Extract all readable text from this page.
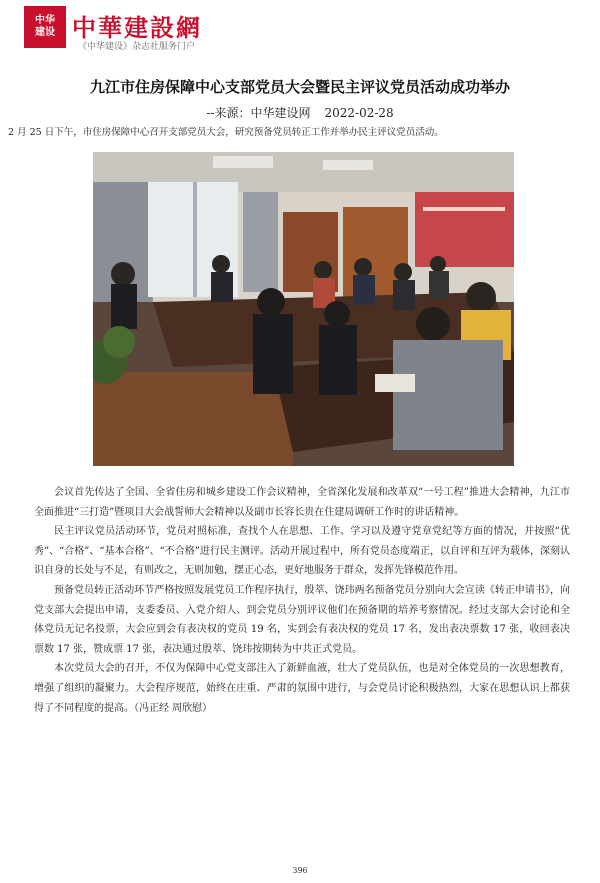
中华
建设 中華建設網
《中华建设》杂志社服务门户
九江市住房保障中心支部党员大会暨民主评议党员活动成功举办
--来源：中华建设网 2022-02-28
2 月 25 日下午，市住房保障中心召开支部党员大会，研究预备党员转正工作并举办民主评议党员活动。

会议首先传达了全国、全省住房和城乡建设工作会议精神，全省深化发展和改革双“一号工程”推进大会精神，九江市全面推进“三打造”暨项目大会战誓师大会精神以及副市长容长贵在住建局调研工作时的讲话精神。

民主评议党员活动环节，党员对照标准，查找个人在思想、工作、学习以及遵守党章党纪等方面的情况，并按照“优秀”、“合格”、“基本合格”、“不合格”进行民主测评。活动开展过程中，所有党员态度端正，以自评和互评为载体，深刻认识自身的长处与不足，有则改之，无则加勉，摆正心态，更好地服务于群众，发挥先锋模范作用。

预备党员转正活动环节严格按照发展党员工作程序执行，殷萃、饶玮两名预备党员分别向大会宣读《转正申请书》，向党支部大会提出申请，支委委员、入党介绍人、到会党员分别评议他们在预备期的培养考察情况。经过支部大会讨论和全体党员无记名投票，大会应到会有表决权的党员 19 名，实到会有表决权的党员 17 名，发出表决票数 17 张，收回表决票数 17 张，赞成票 17 张，表决通过殷萃、饶玮按期转为中共正式党员。

本次党员大会的召开，不仅为保障中心党支部注入了新鲜血液，壮大了党员队伍，也是对全体党员的一次思想教育，增强了组织的凝聚力。大会程序规范，始终在庄重、严肃的氛围中进行，与会党员讨论积极热烈，大家在思想认识上都获得了不同程度的提高。（冯正经 周欣慰）

396
